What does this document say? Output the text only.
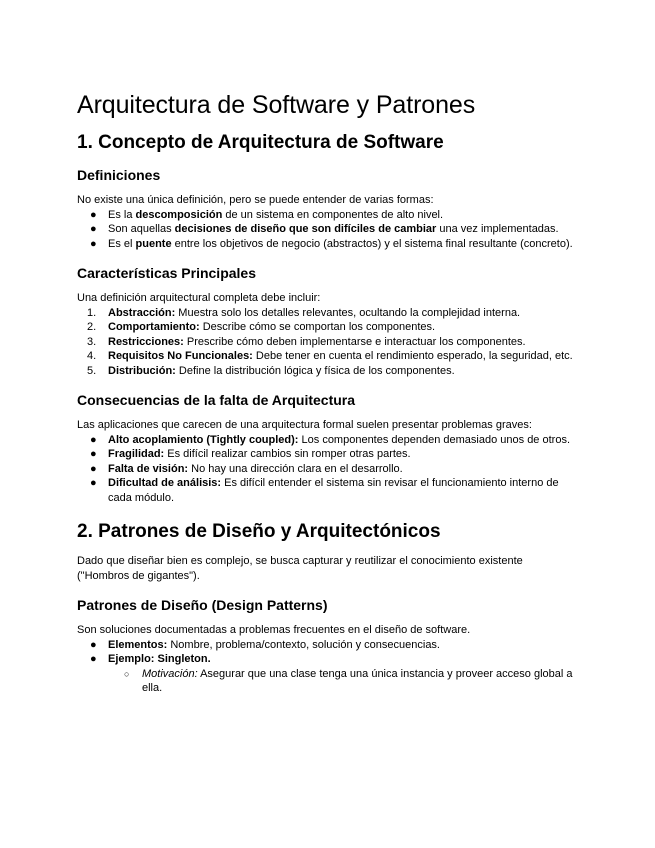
Arquitectura de Software y Patrones
1. Concepto de Arquitectura de Software
Definiciones

No existe una única definición, pero se puede entender de varias formas:

●	Es la descomposición de un sistema en componentes de alto nivel.
●	Son aquellas decisiones de diseño que son difíciles de cambiar una vez implementadas.
●	Es el puente entre los objetivos de negocio (abstractos) y el sistema final resultante (concreto).
Características Principales

Una definición arquitectural completa debe incluir:

1.	Abstracción: Muestra solo los detalles relevantes, ocultando la complejidad interna.
2.	Comportamiento: Describe cómo se comportan los componentes.
3.	Restricciones: Prescribe cómo deben implementarse e interactuar los componentes.
4.	Requisitos No Funcionales: Debe tener en cuenta el rendimiento esperado, la seguridad, etc.
5.	Distribución: Define la distribución lógica y física de los componentes.
Consecuencias de la falta de Arquitectura

Las aplicaciones que carecen de una arquitectura formal suelen presentar problemas graves:

●	Alto acoplamiento (Tightly coupled): Los componentes dependen demasiado unos de otros.
●	Fragilidad: Es difícil realizar cambios sin romper otras partes.
●	Falta de visión: No hay una dirección clara en el desarrollo.
●	Dificultad de análisis: Es difícil entender el sistema sin revisar el funcionamiento interno de cada módulo.
2. Patrones de Diseño y Arquitectónicos

Dado que diseñar bien es complejo, se busca capturar y reutilizar el conocimiento existente ("Hombros de gigantes").

Patrones de Diseño (Design Patterns)

Son soluciones documentadas a problemas frecuentes en el diseño de software.

●	Elementos: Nombre, problema/contexto, solución y consecuencias.
●	Ejemplo: Singleton.
○ Motivación: Asegurar que una clase tenga una única instancia y proveer acceso global a ella.
